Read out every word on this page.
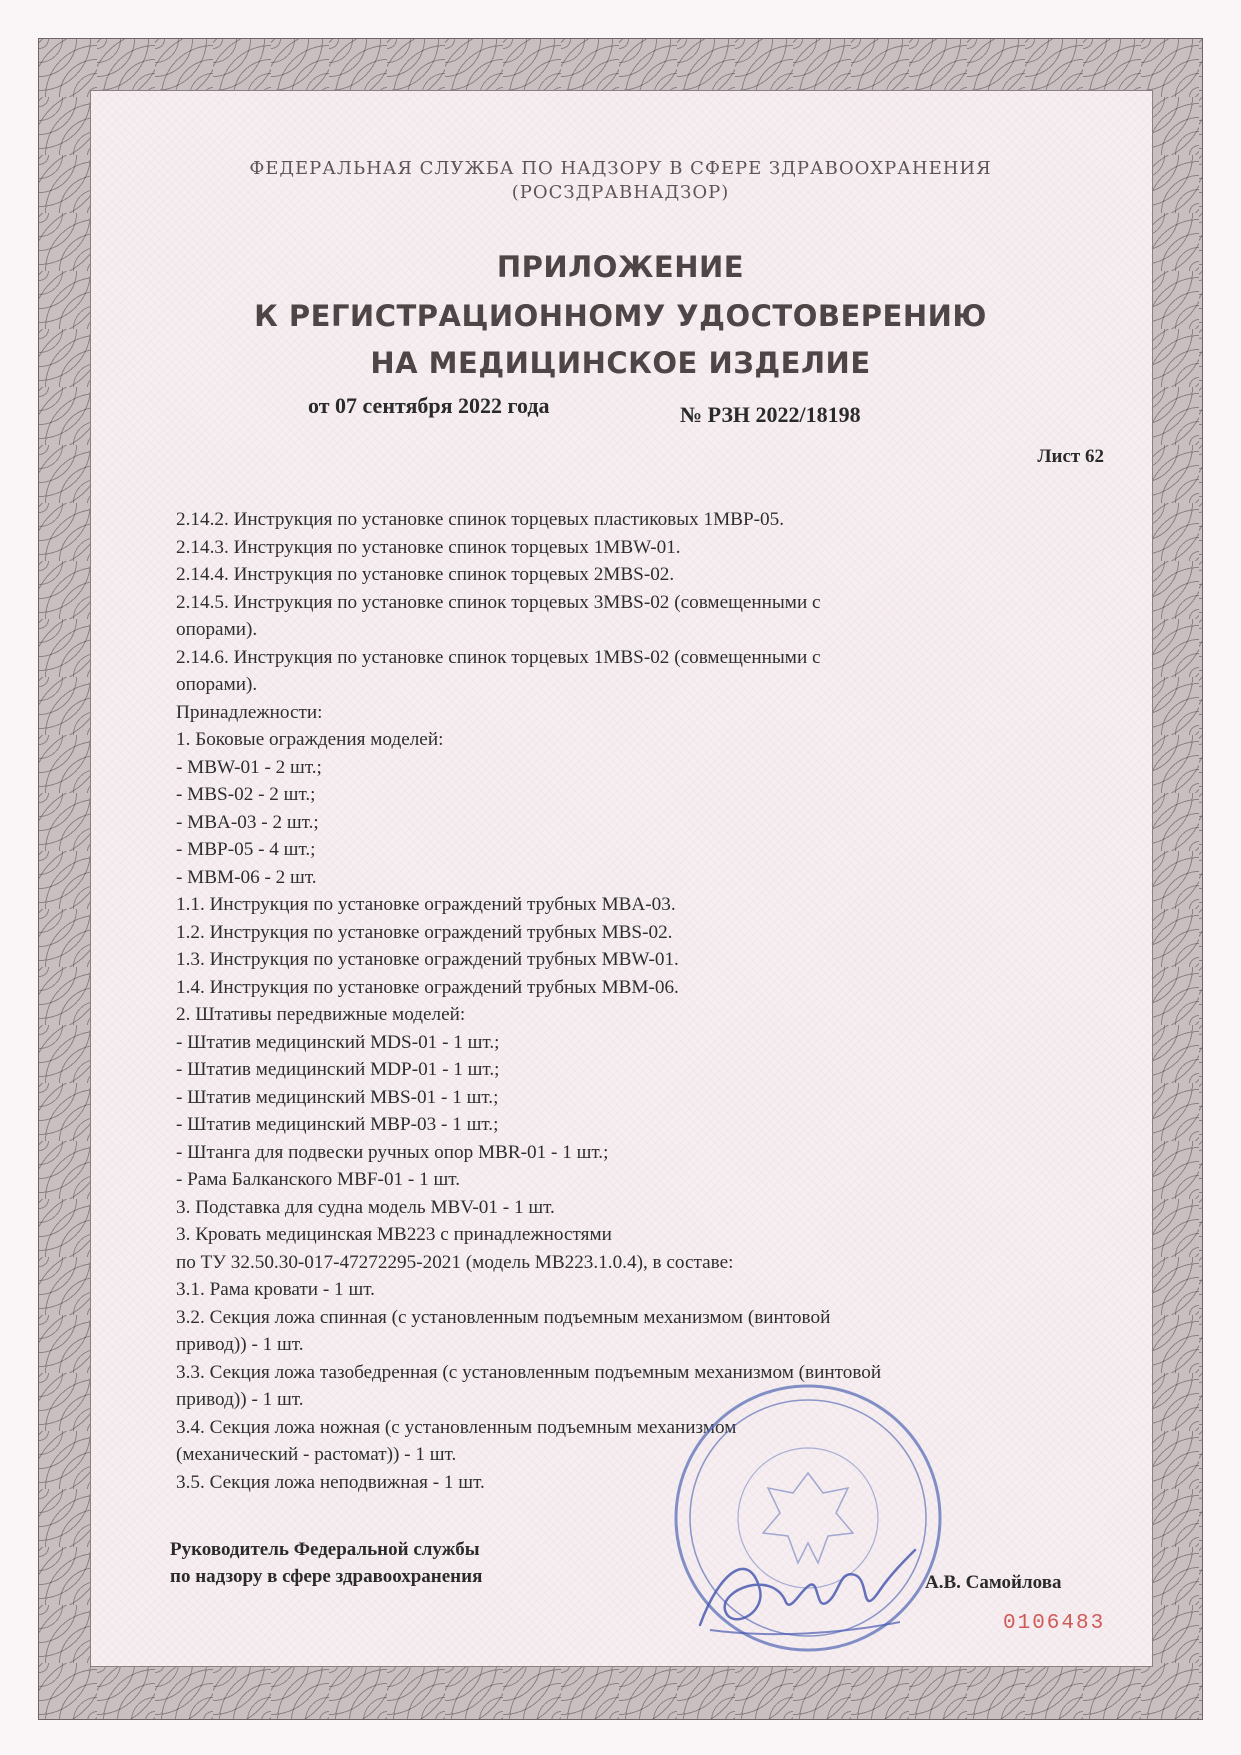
ФЕДЕРАЛЬНАЯ СЛУЖБА ПО НАДЗОРУ В СФЕРЕ ЗДРАВООХРАНЕНИЯ
(РОСЗДРАВНАДЗОР)
ПРИЛОЖЕНИЕ
К РЕГИСТРАЦИОННОМУ УДОСТОВЕРЕНИЮ
НА МЕДИЦИНСКОЕ ИЗДЕЛИЕ
от 07 сентября 2022 года	№ РЗН 2022/18198
Лист 62
2.14.2. Инструкция по установке спинок торцевых пластиковых 1MBP-05.
2.14.3. Инструкция по установке спинок торцевых 1MBW-01.
2.14.4. Инструкция по установке спинок торцевых 2MBS-02.
2.14.5. Инструкция по установке спинок торцевых 3MBS-02 (совмещенными с
опорами).
2.14.6. Инструкция по установке спинок торцевых 1MBS-02 (совмещенными с
опорами).
Принадлежности:
1. Боковые ограждения моделей:
- MBW-01 - 2 шт.;
- MBS-02 - 2 шт.;
- MBA-03 - 2 шт.;
- MBP-05 - 4 шт.;
- MBM-06 - 2 шт.
1.1. Инструкция по установке ограждений трубных MBA-03.
1.2. Инструкция по установке ограждений трубных MBS-02.
1.3. Инструкция по установке ограждений трубных MBW-01.
1.4. Инструкция по установке ограждений трубных MBM-06.
2. Штативы передвижные моделей:
- Штатив медицинский MDS-01 - 1 шт.;
- Штатив медицинский MDP-01 - 1 шт.;
- Штатив медицинский MBS-01 - 1 шт.;
- Штатив медицинский MBP-03 - 1 шт.;
- Штанга для подвески ручных опор MBR-01 - 1 шт.;
- Рама Балканского MBF-01 - 1 шт.
3. Подставка для судна модель MBV-01 - 1 шт.
3. Кровать медицинская MB223 с принадлежностями
по ТУ 32.50.30-017-47272295-2021 (модель MB223.1.0.4), в составе:
3.1. Рама кровати - 1 шт.
3.2. Секция ложа спинная (с установленным подъемным механизмом (винтовой
привод)) - 1 шт.
3.3. Секция ложа тазобедренная (с установленным подъемным механизмом (винтовой
привод)) - 1 шт.
3.4. Секция ложа ножная (с установленным подъемным механизмом
(механический - растомат)) - 1 шт.
3.5. Секция ложа неподвижная - 1 шт.
Руководитель Федеральной службы
по надзору в сфере здравоохранения	А.В. Самойлова
0106483
